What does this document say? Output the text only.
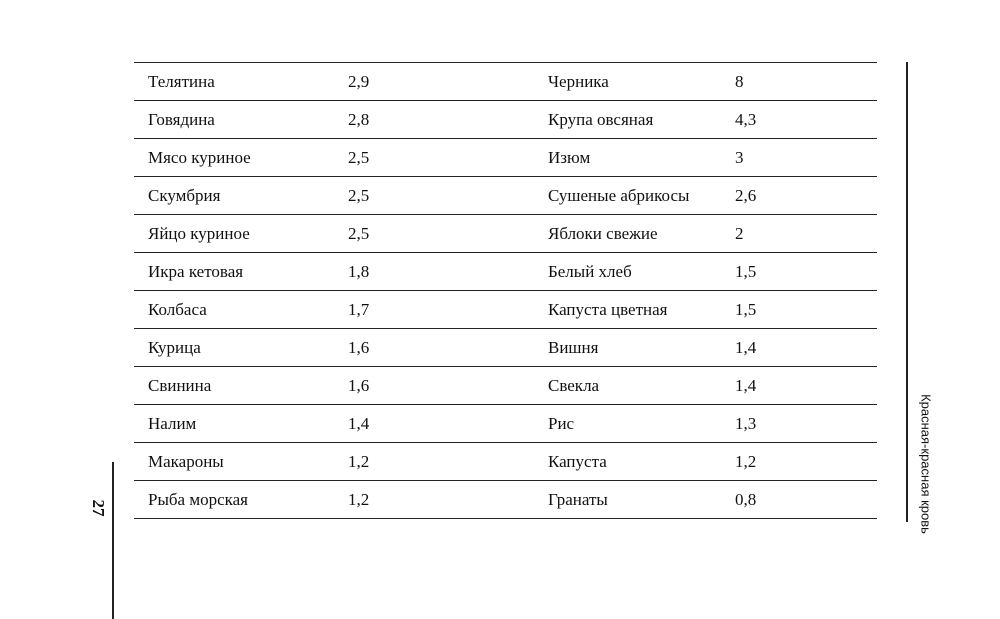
Телятина	2,9	Черника	8
Говядина	2,8	Крупа овсяная	4,3
Мясо куриное	2,5	Изюм	3
Скумбрия	2,5	Сушеные абрикосы	2,6
Яйцо куриное	2,5	Яблоки свежие	2
Икра кетовая	1,8	Белый хлеб	1,5
Колбаса	1,7	Капуста цветная	1,5
Курица	1,6	Вишня	1,4
Свинина	1,6	Свекла	1,4
Налим	1,4	Рис	1,3
Макароны	1,2	Капуста	1,2
Рыба морская	1,2	Гранаты	0,8	Красная-красная кровь
27
